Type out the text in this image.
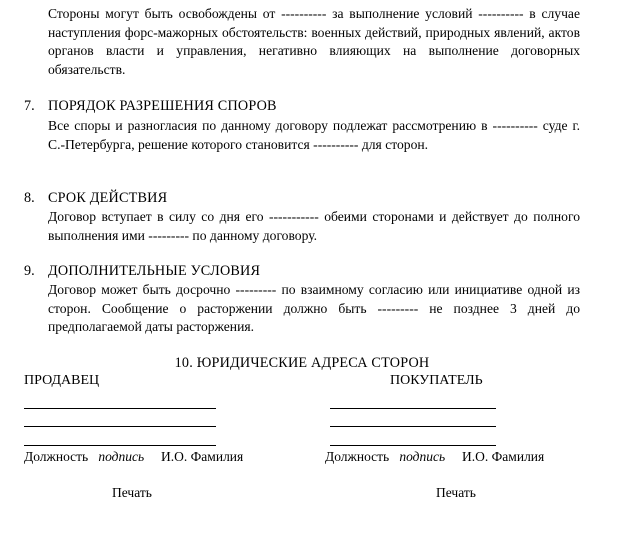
Стороны могут быть освобождены от ---------- за выполнение условий ---------- в случае наступления форс-мажорных обстоятельств: военных действий, природных явлений, актов органов власти и управления, негативно влияющих на выполнение договорных обязательств.
7. ПОРЯДОК РАЗРЕШЕНИЯ СПОРОВ
Все споры и разногласия по данному договору подлежат рассмотрению в ---------- суде г. С.-Петербурга, решение которого становится ---------- для сторон.
8. СРОК ДЕЙСТВИЯ
Договор вступает в силу со дня его ----------- обеими сторонами и действует до полного выполнения ими --------- по данному договору.
9. ДОПОЛНИТЕЛЬНЫЕ УСЛОВИЯ
Договор может быть досрочно --------- по взаимному согласию или инициативе одной из сторон. Сообщение о расторжении должно быть --------- не позднее 3 дней до предполагаемой даты расторжения.
10. ЮРИДИЧЕСКИЕ АДРЕСА СТОРОН
ПРОДАВЕЦ	ПОКУПАТЕЛЬ
Должность подпись И.О. Фамилия	Должность подпись И.О. Фамилия
Печать	Печать
